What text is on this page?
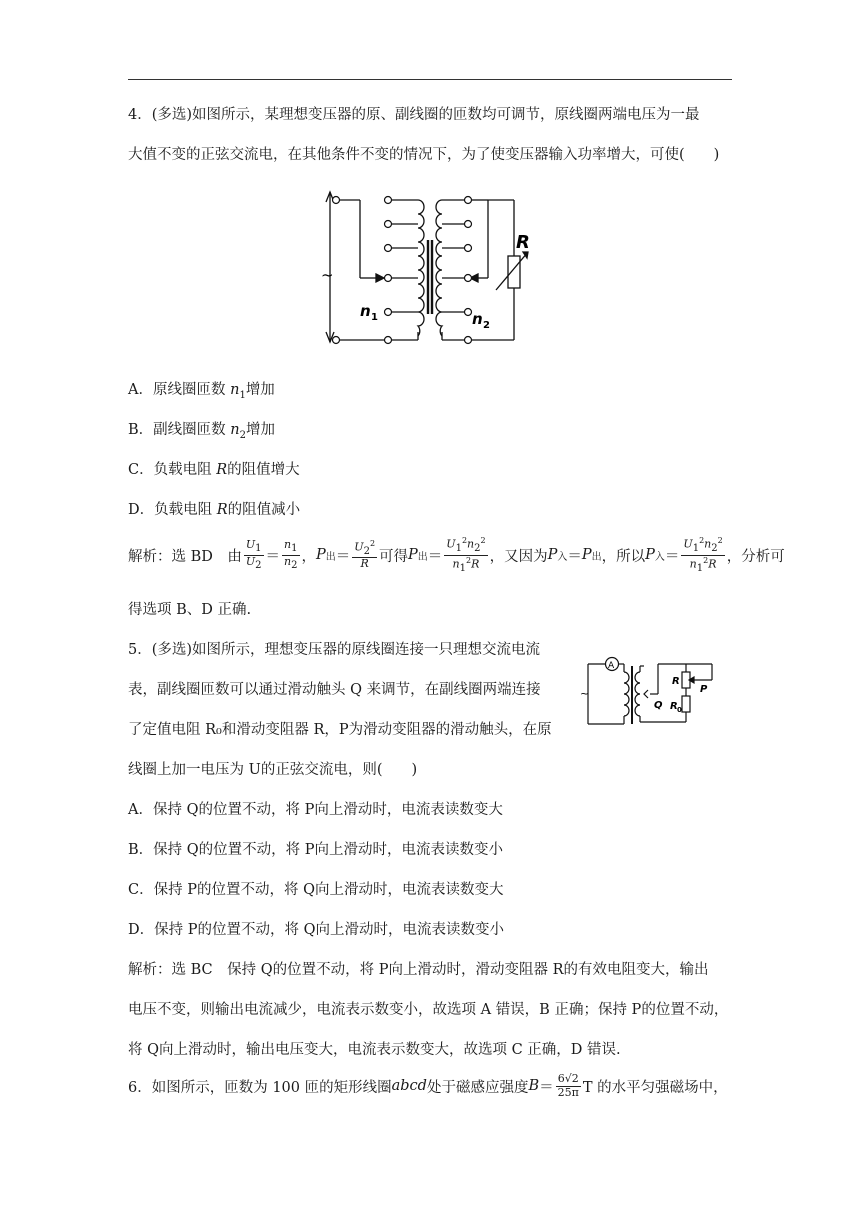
4．(多选)如图所示，某理想变压器的原、副线圈的匝数均可调节，原线圈两端电压为一最
大值不变的正弦交流电，在其他条件不变的情况下，为了使变压器输入功率增大，可使(　　)
~
R
n 1	n 2
A．原线圈匝数 $n_1$增加
B．副线圈匝数 $n_2$增加
C．负载电阻 R的阻值增大
D．负载电阻 R的阻值减小
解析：选 BD　由 $\frac{U_1}{U_2} = \frac{n_1}{n_2}$ ， P 出 ＝ $\frac{U_2^2}{R}$ 可得 P 出 ＝ $\frac{U_1^2n_2^2}{n_1^2R}$ ，又因为 P 入 ＝ P 出 ，所以 P 入 ＝ $\frac{U_1^2n_2^2}{n_1^2R}$ ，分析可
得选项 B、D 正确.
5．(多选)如图所示，理想变压器的原线圈连接一只理想交流电流
表，副线圈匝数可以通过滑动触头 Q 来调节，在副线圈两端连接
了定值电阻 R₀和滑动变阻器 R，P为滑动变阻器的滑动触头，在原
线圈上加一电压为 U的正弦交流电，则(　　)
A
~
R
P
Q R 0
A．保持 Q的位置不动，将 P向上滑动时，电流表读数变大
B．保持 Q的位置不动，将 P向上滑动时，电流表读数变小
C．保持 P的位置不动，将 Q向上滑动时，电流表读数变大
D．保持 P的位置不动，将 Q向上滑动时，电流表读数变小
解析：选 BC　保持 Q的位置不动，将 P向上滑动时，滑动变阻器 R的有效电阻变大，输出
电压不变，则输出电流减少，电流表示数变小，故选项 A 错误，B 正确；保持 P的位置不动，
将 Q向上滑动时，输出电压变大，电流表示数变大，故选项 C 正确，D 错误.
6．如图所示，匝数为 100 匝的矩形线圈 abcd 处于磁感应强度 $B = \frac{6√2}{25\pi}$ T 的水平匀强磁场中，
